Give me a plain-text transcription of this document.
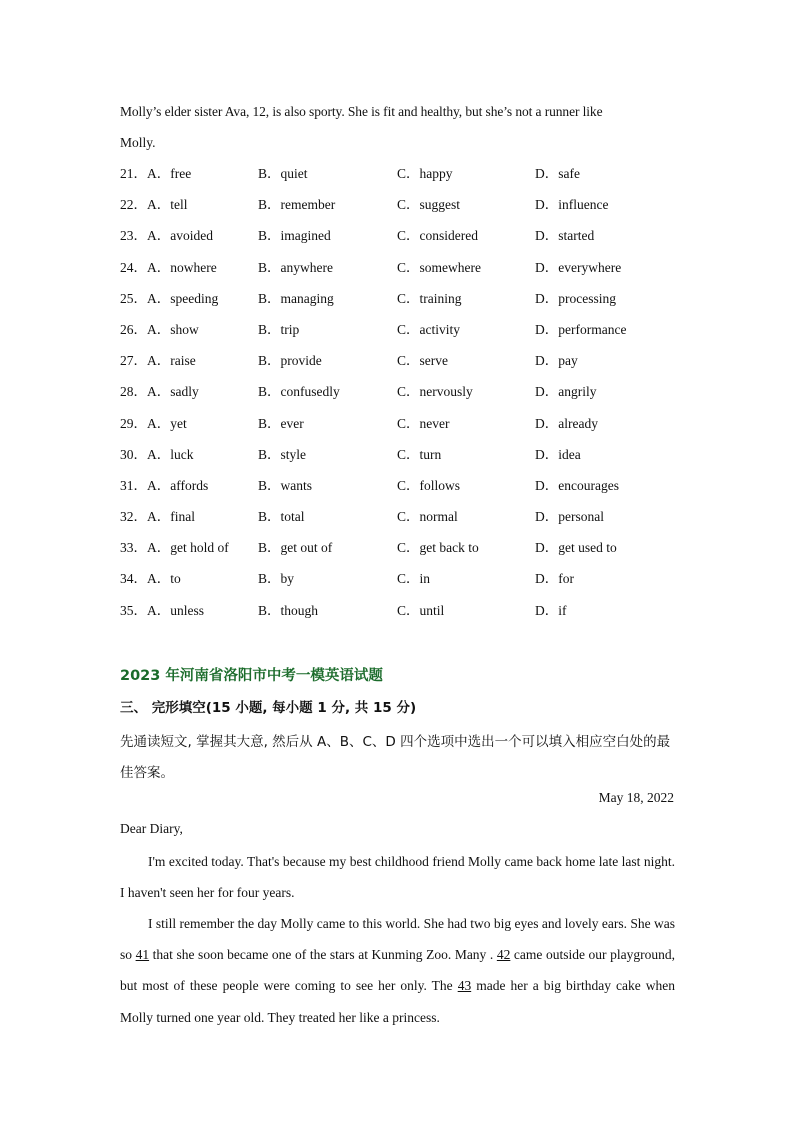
Molly’s elder sister Ava, 12, is also sporty. She is fit and healthy, but she’s not a runner like
Molly.
21．A．free	B．quiet	C．happy	D．safe
22．A．tell	B．remember	C．suggest	D．influence
23．A．avoided	B．imagined	C．considered	D．started
24．A．nowhere	B．anywhere	C．somewhere	D．everywhere
25．A．speeding	B．managing	C．training	D．processing
26．A．show	B．trip	C．activity	D．performance
27．A．raise	B．provide	C．serve	D．pay
28．A．sadly	B．confusedly	C．nervously	D．angrily
29．A．yet	B．ever	C．never	D．already
30．A．luck	B．style	C．turn	D．idea
31．A．affords	B．wants	C．follows	D．encourages
32．A．final	B．total	C．normal	D．personal
33．A．get hold of B．get out of	C．get back to	D．get used to
34．A．to	B．by	C．in	D．for
35．A．unless	B．though	C．until	D．if
2023 年河南省洛阳市中考一模英语试题
三、 完形填空(15 小题, 每小题 1 分, 共 15 分)
先通读短文, 掌握其大意, 然后从 A、B、C、D 四个选项中选出一个可以填入相应空白处的最佳答案。
May 18, 2022
Dear Diary,
I'm excited today. That's because my best childhood friend Molly came back home late last night. I haven't seen her for four years.
I still remember the day Molly came to this world. She had two big eyes and lovely ears. She was so 41 that she soon became one of the stars at Kunming Zoo. Many . 42 came outside our playground, but most of these people were coming to see her only. The 43 made her a big birthday cake when Molly turned one year old. They treated her like a princess.
